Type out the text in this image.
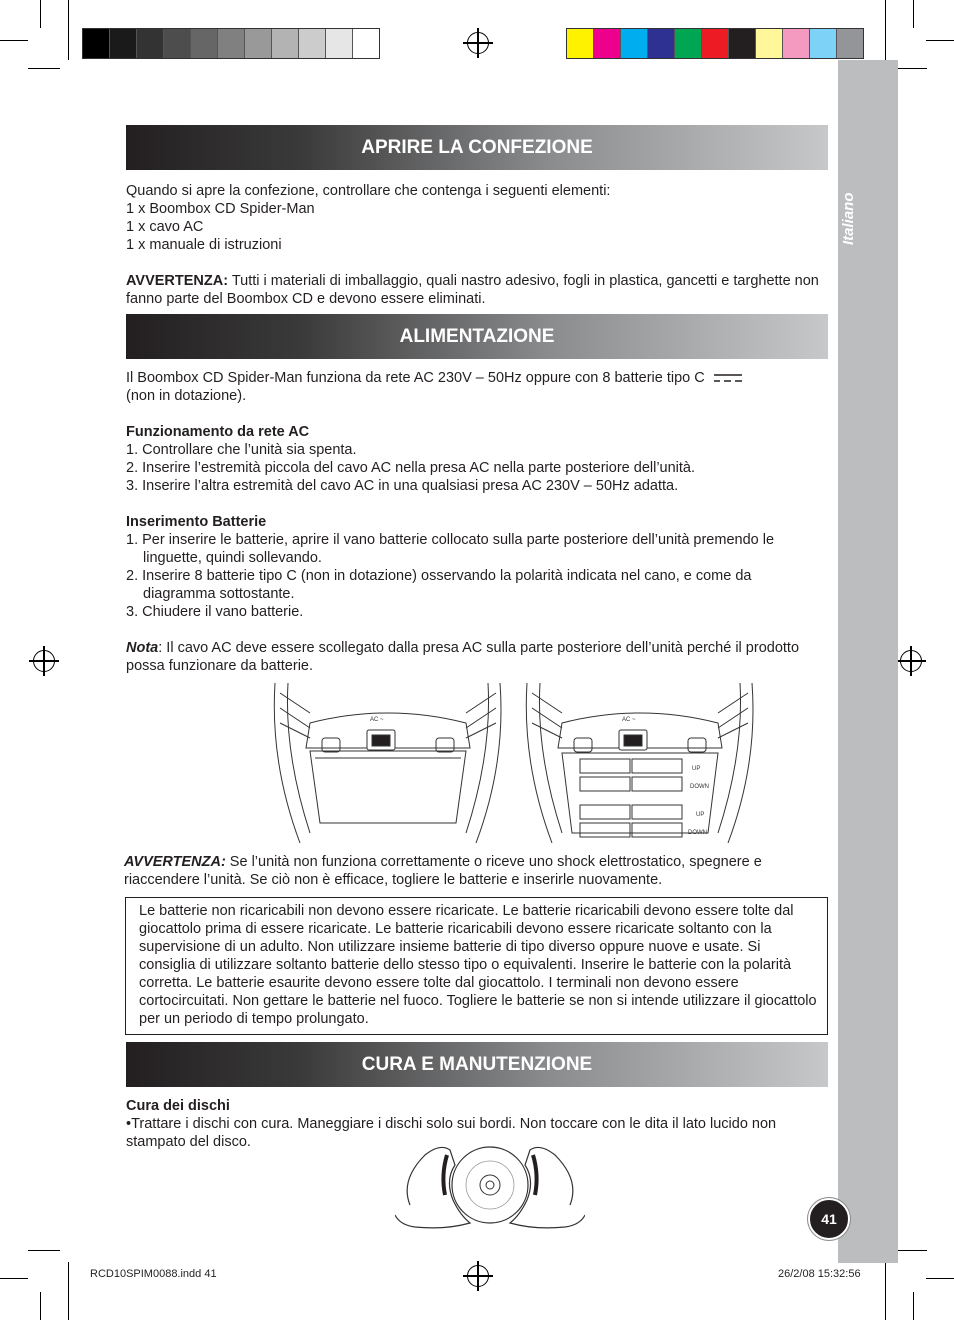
Italiano
41
APRIRE LA CONFEZIONE

Quando si apre la confezione, controllare che contenga i seguenti elementi:

1 x Boombox CD Spider-Man

1 x cavo AC

1 x manuale di istruzioni

AVVERTENZA: Tutti i materiali di imballaggio, quali nastro adesivo, fogli in plastica, gancetti e targhette non fanno parte del Boombox CD e devono essere eliminati.

ALIMENTAZIONE

Il Boombox CD Spider-Man funziona da rete AC 230V – 50Hz oppure con 8 batterie tipo C

(non in dotazione).

Funzionamento da rete AC

1. Controllare che l’unità sia spenta.
2. Inserire l’estremità piccola del cavo AC nella presa AC nella parte posteriore dell’unità.
3. Inserire l’altra estremità del cavo AC in una qualsiasi presa AC 230V – 50Hz adatta.

Inserimento Batterie

1. Per inserire le batterie, aprire il vano batterie collocato sulla parte posteriore dell’unità premendo le linguette, quindi sollevando.
2. Inserire 8 batterie tipo C (non in dotazione) osservando la polarità indicata nel cano, e come da diagramma sottostante.
3. Chiudere il vano batterie.

Nota: Il cavo AC deve essere scollegato dalla presa AC sulla parte posteriore dell’unità perché il prodotto possa funzionare da batterie.

AC ~	AC ~
UP
DOWN
UP
DOWN

AVVERTENZA: Se l’unità non funziona correttamente o riceve uno shock elettrostatico, spegnere e riaccendere l’unità. Se ciò non è efficace, togliere le batterie e inserirle nuovamente.

Le batterie non ricaricabili non devono essere ricaricate. Le batterie ricaricabili devono essere tolte dal giocattolo prima di essere ricaricate. Le batterie ricaricabili devono essere ricaricate soltanto con la supervisione di un adulto. Non utilizzare insieme batterie di tipo diverso oppure nuove e usate. Si consiglia di utilizzare soltanto batterie dello stesso tipo o equivalenti. Inserire le batterie con la polarità corretta. Le batterie esaurite devono essere tolte dal giocattolo. I terminali non devono essere cortocircuitati. Non gettare le batterie nel fuoco. Togliere le batterie se non si intende utilizzare il giocattolo per un periodo di tempo prolungato.

CURA E MANUTENZIONE

Cura dei dischi

•Trattare i dischi con cura. Maneggiare i dischi solo sui bordi. Non toccare con le dita il lato lucido non stampato del disco.

RCD10SPIM0088.indd 41	26/2/08 15:32:56
